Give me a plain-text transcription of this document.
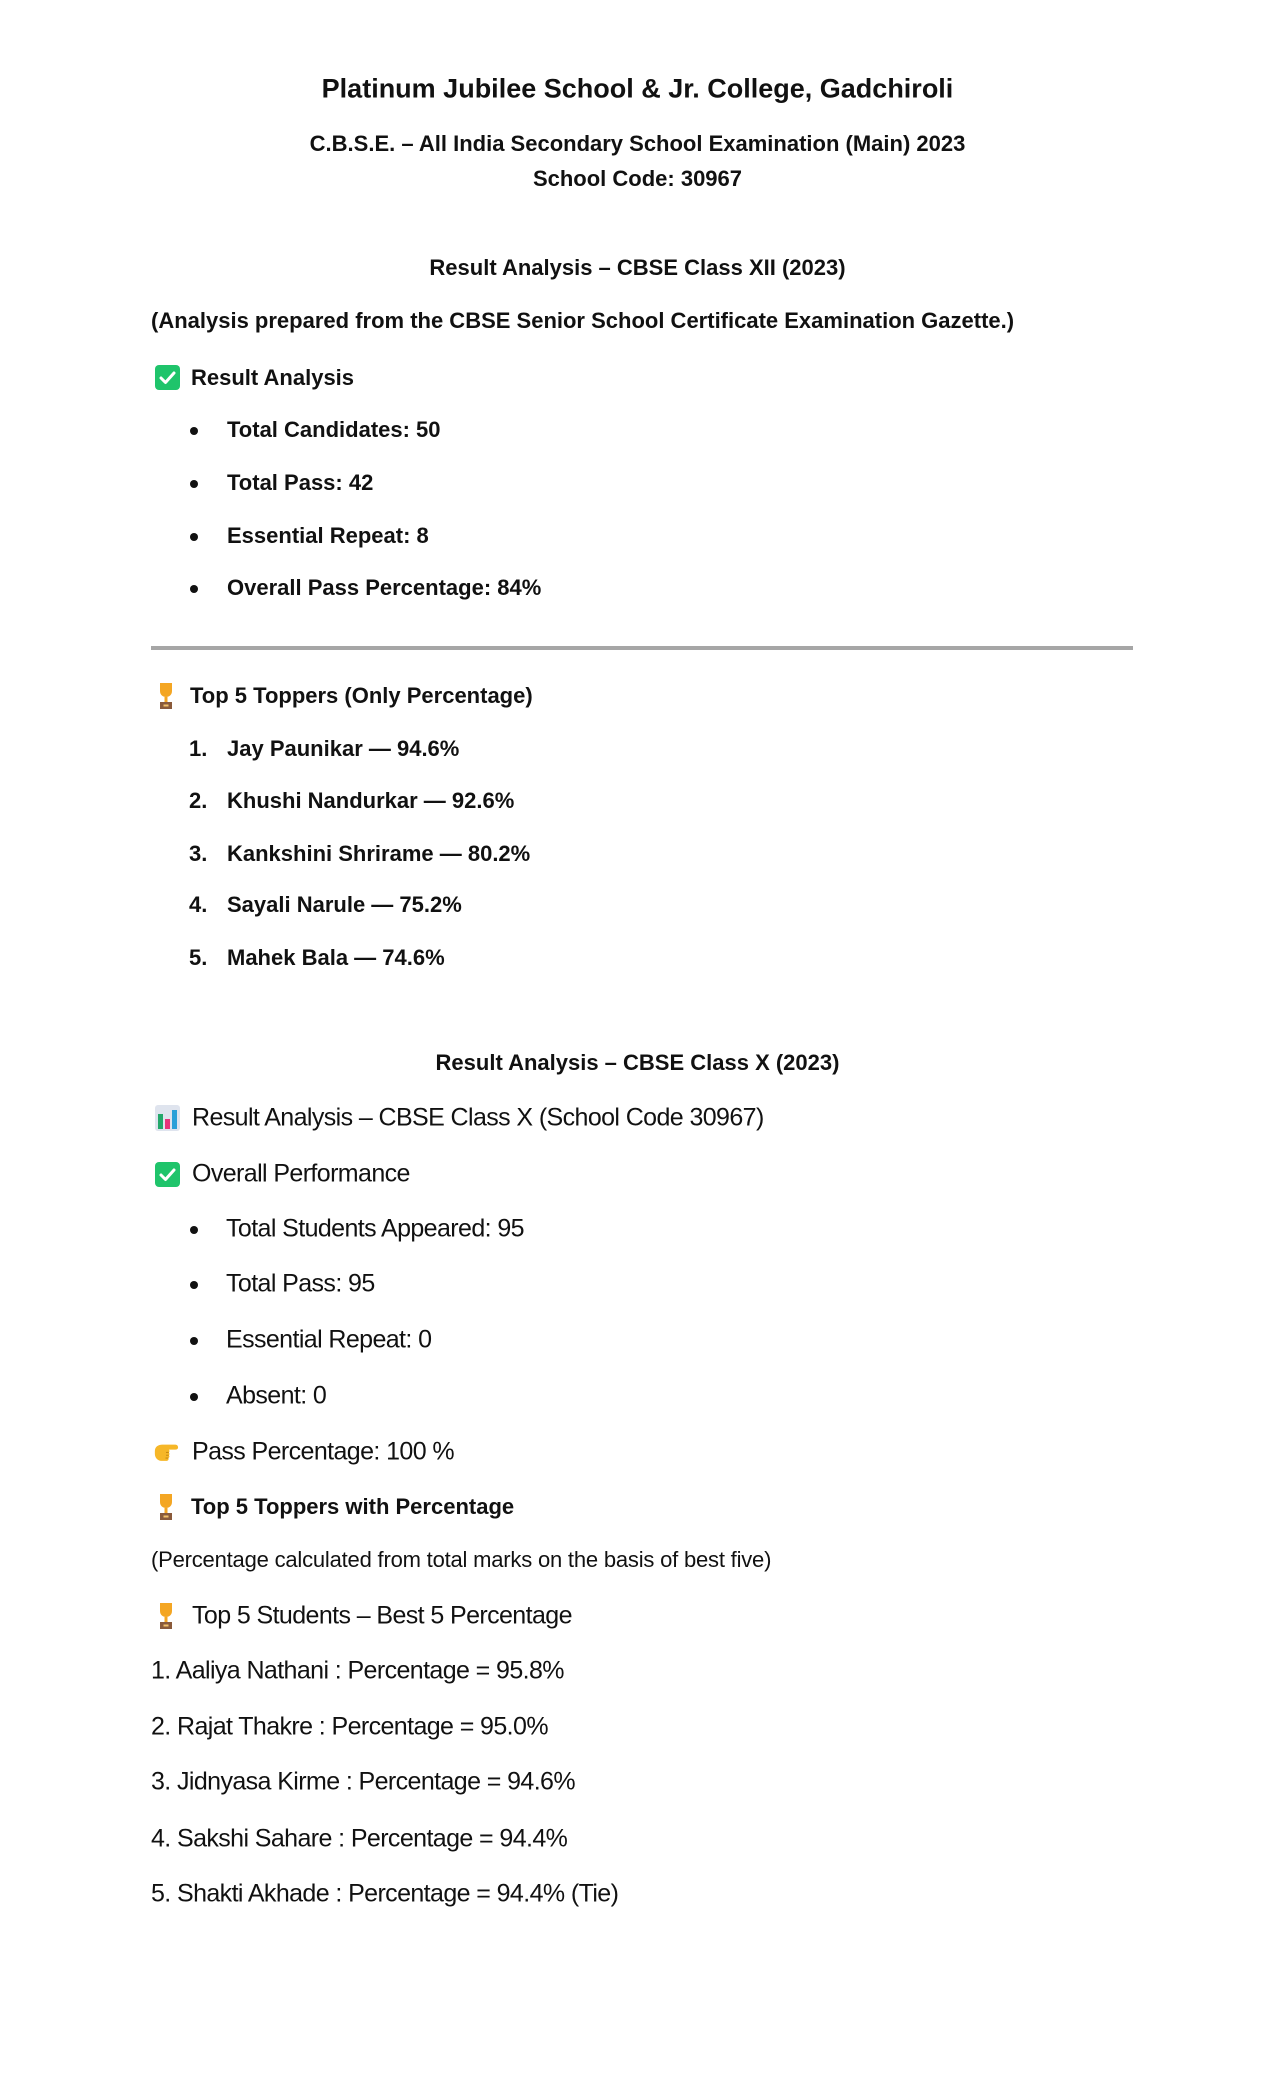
Platinum Jubilee School & Jr. College, Gadchiroli
C.B.S.E. – All India Secondary School Examination (Main) 2023
School Code: 30967
Result Analysis – CBSE Class XII (2023)
(Analysis prepared from the CBSE Senior School Certificate Examination Gazette.)
Result Analysis
Total Candidates: 50
Total Pass: 42
Essential Repeat: 8
Overall Pass Percentage: 84%
Top 5 Toppers (Only Percentage)
1. Jay Paunikar — 94.6%
2. Khushi Nandurkar — 92.6%
3. Kankshini Shrirame — 80.2%
4. Sayali Narule — 75.2%
5. Mahek Bala — 74.6%
Result Analysis – CBSE Class X (2023)
Result Analysis – CBSE Class X (School Code 30967)
Overall Performance
Total Students Appeared: 95
Total Pass: 95
Essential Repeat: 0
Absent: 0
Pass Percentage: 100 %
Top 5 Toppers with Percentage
(Percentage calculated from total marks on the basis of best five)
Top 5 Students – Best 5 Percentage
1. Aaliya Nathani : Percentage = 95.8%
2. Rajat Thakre : Percentage = 95.0%
3. Jidnyasa Kirme : Percentage = 94.6%
4. Sakshi Sahare : Percentage = 94.4%
5. Shakti Akhade : Percentage = 94.4% (Tie)
